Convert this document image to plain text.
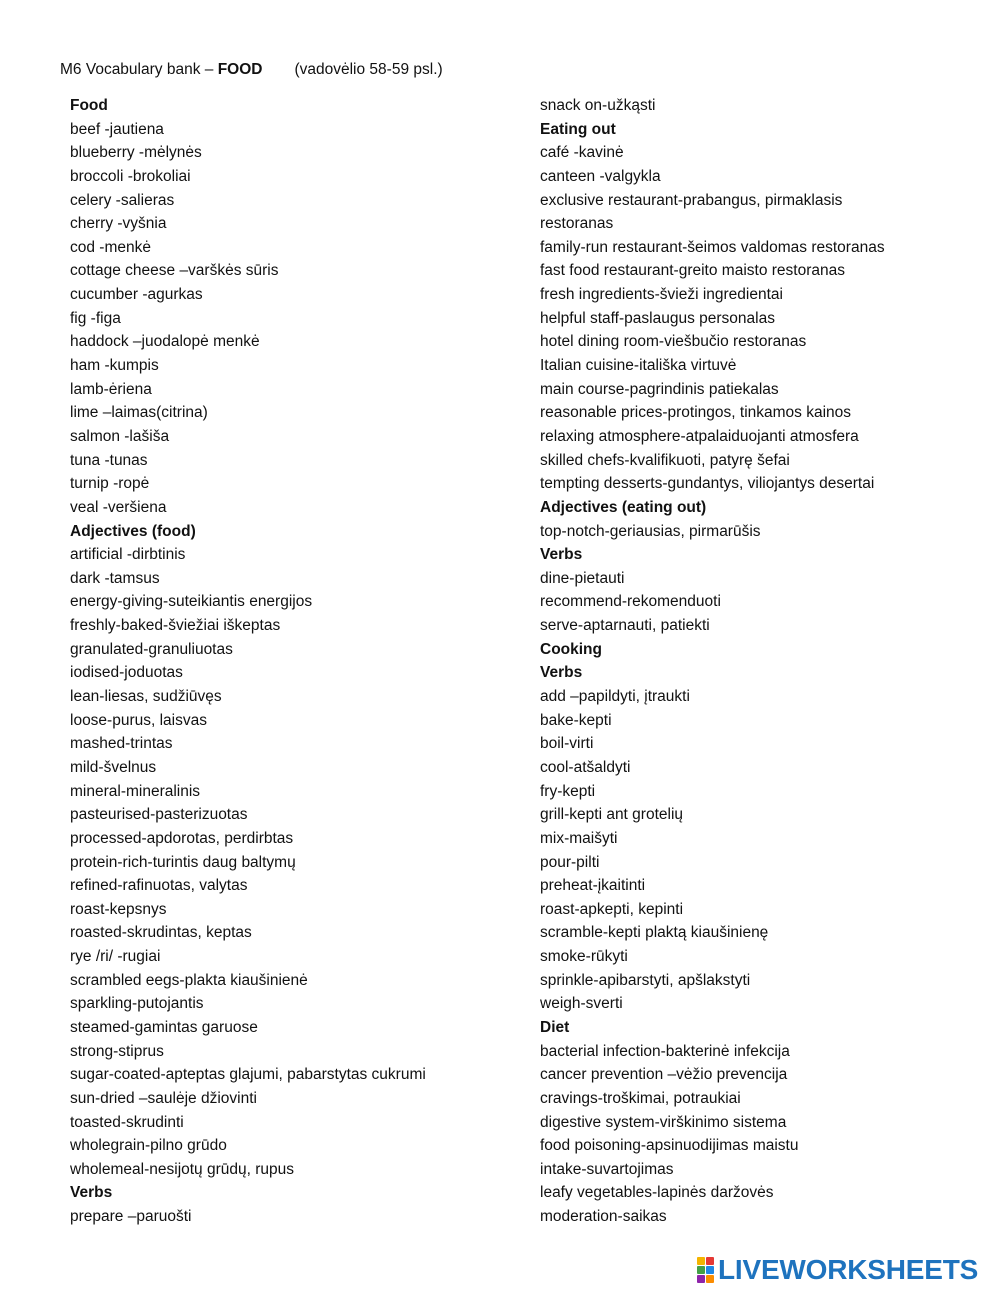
M6 Vocabulary bank – FOOD (vadovėlio 58-59 psl.)
Food
beef -jautiena
blueberry -mėlynės
broccoli -brokoliai
celery -salieras
cherry -vyšnia
cod -menkė
cottage cheese –varškės sūris
cucumber -agurkas
fig -figa
haddock –juodalopė menkė
ham -kumpis
lamb-ėriena
lime –laimas(citrina)
salmon -lašiša
tuna -tunas
turnip -ropė
veal -veršiena
Adjectives (food)
artificial -dirbtinis
dark -tamsus
energy-giving-suteikiantis energijos
freshly-baked-šviežiai iškeptas
granulated-granuliuotas
iodised-joduotas
lean-liesas, sudžiūvęs
loose-purus, laisvas
mashed-trintas
mild-švelnus
mineral-mineralinis
pasteurised-pasterizuotas
processed-apdorotas, perdirbtas
protein-rich-turintis daug baltymų
refined-rafinuotas, valytas
roast-kepsnys
roasted-skrudintas, keptas
rye /ri/ -rugiai
scrambled eegs-plakta kiaušinienė
sparkling-putojantis
steamed-gamintas garuose
strong-stiprus
sugar-coated-apteptas glajumi, pabarstytas cukrumi
sun-dried –saulėje džiovinti
toasted-skrudinti
wholegrain-pilno grūdo
wholemeal-nesijotų grūdų, rupus
Verbs
prepare –paruošti
snack on-užkąsti
Eating out
café -kavinė
canteen -valgykla
exclusive restaurant-prabangus, pirmaklasis
restoranas
family-run restaurant-šeimos valdomas restoranas
fast food restaurant-greito maisto restoranas
fresh ingredients-švieži ingredientai
helpful staff-paslaugus personalas
hotel dining room-viešbučio restoranas
Italian cuisine-itališka virtuvė
main course-pagrindinis patiekalas
reasonable prices-protingos, tinkamos kainos
relaxing atmosphere-atpalaiduojanti atmosfera
skilled chefs-kvalifikuoti, patyrę šefai
tempting desserts-gundantys, viliojantys desertai
Adjectives (eating out)
top-notch-geriausias, pirmarūšis
Verbs
dine-pietauti
recommend-rekomenduoti
serve-aptarnauti, patiekti
Cooking
Verbs
add –papildyti, įtraukti
bake-kepti
boil-virti
cool-atšaldyti
fry-kepti
grill-kepti ant grotelių
mix-maišyti
pour-pilti
preheat-įkaitinti
roast-apkepti, kepinti
scramble-kepti plaktą kiaušinienę
smoke-rūkyti
sprinkle-apibarstyti, apšlakstyti
weigh-sverti
Diet
bacterial infection-bakterinė infekcija
cancer prevention –vėžio prevencija
cravings-troškimai, potraukiai
digestive system-virškinimo sistema
food poisoning-apsinuodijimas maistu
intake-suvartojimas
leafy vegetables-lapinės daržovės
moderation-saikas
LIVEWORKSHEETS
